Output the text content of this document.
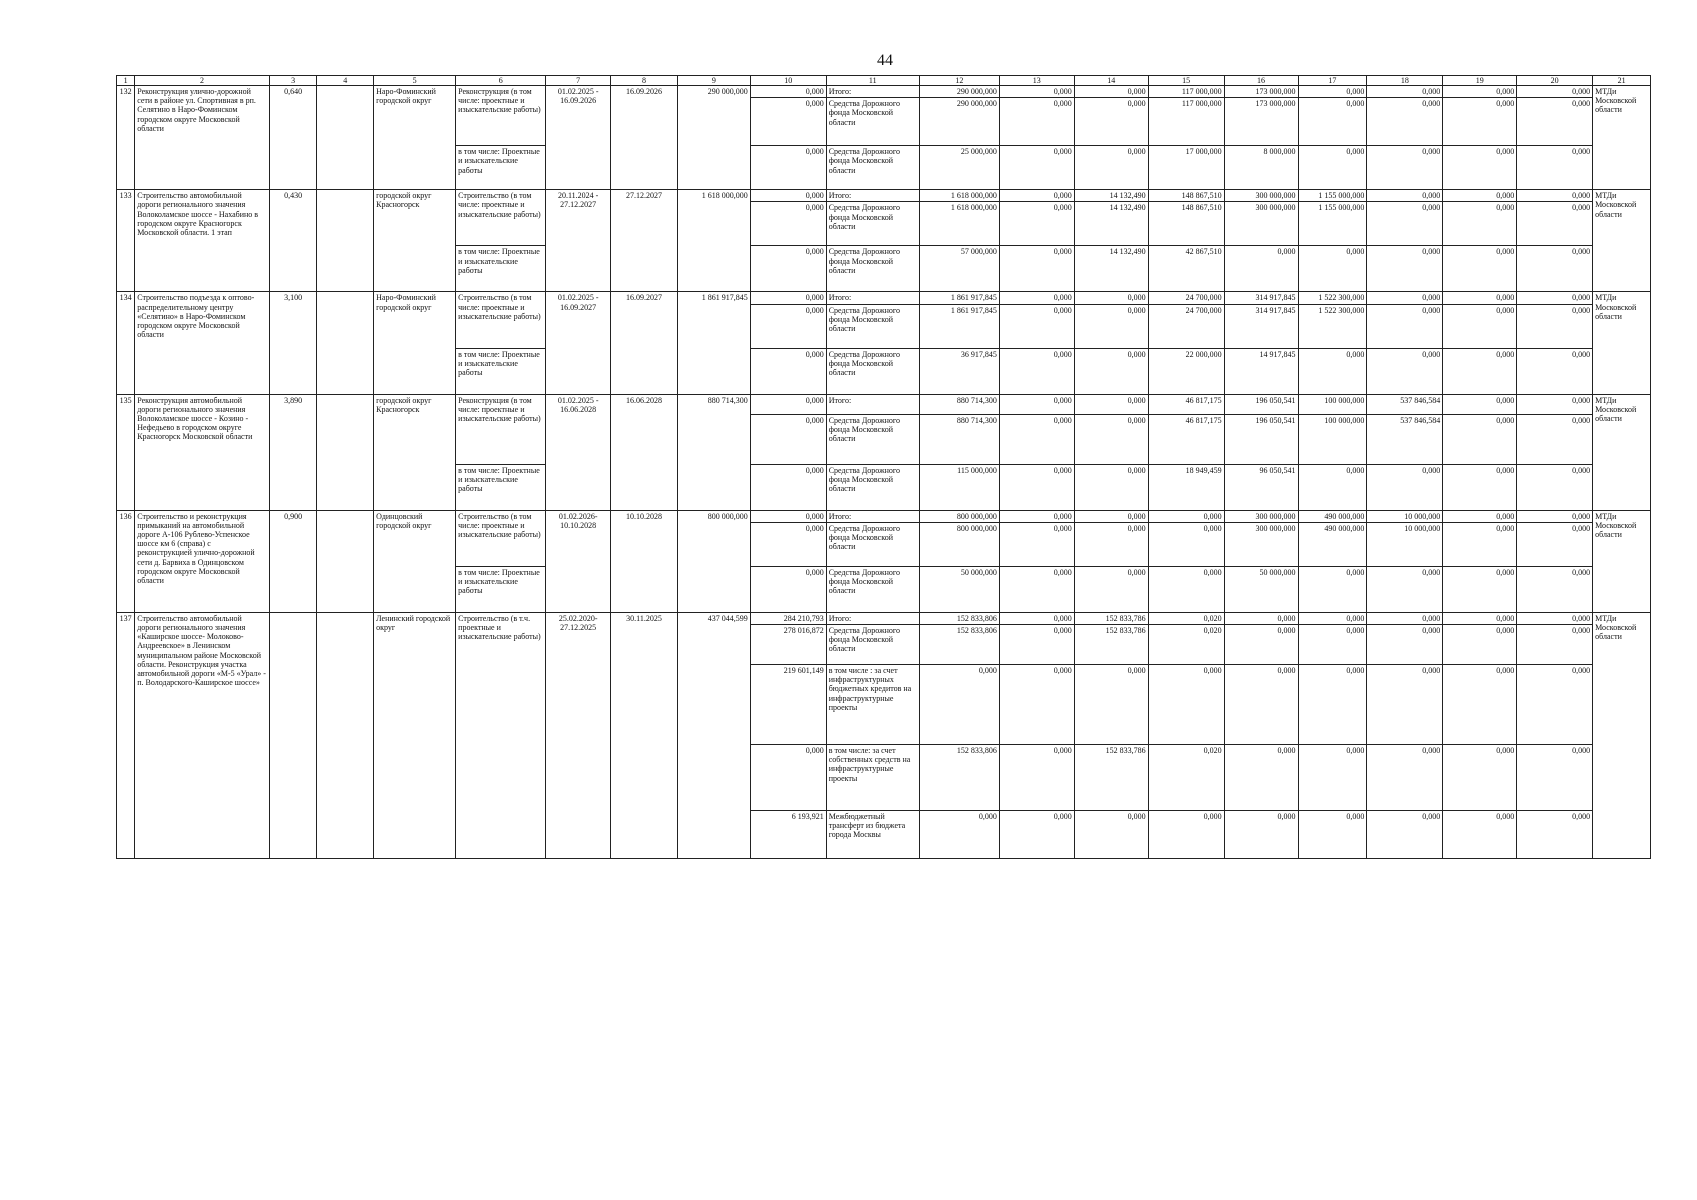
44
1	2	3	4	5	6	7	8	9	10	11	12	13	14	15	16	17	18	19	20	21
132	Реконструкция улично-дорожной сети в районе ул. Спортивная в рп. Селятино в Наро-Фоминском городском округе Московской области	0,640		Наро-Фоминский городской округ	Реконструкция (в том числе: проектные и изыскательские работы)	01.02.2025 - 16.09.2026	16.09.2026	290 000,000	0,000	Итого:	290 000,000	0,000	0,000	117 000,000	173 000,000	0,000	0,000	0,000	0,000	МТДи Московской области
									0,000	Средства Дорожного фонда Московской области	290 000,000	0,000	0,000	117 000,000	173 000,000	0,000	0,000	0,000	0,000	
					в том числе: Проектные и изыскательские работы				0,000	Средства Дорожного фонда Московской области	25 000,000	0,000	0,000	17 000,000	8 000,000	0,000	0,000	0,000	0,000	
133	Строительство автомобильной дороги регионального значения Волоколамское шоссе - Нахабино в городском округе Красногорск Московской области. 1 этап	0,430		городской округ Красногорск	Строительство (в том числе: проектные и изыскательские работы)	20.11.2024 - 27.12.2027	27.12.2027	1 618 000,000	0,000	Итого:	1 618 000,000	0,000	14 132,490	148 867,510	300 000,000	1 155 000,000	0,000	0,000	0,000	МТДи Московской области
									0,000	Средства Дорожного фонда Московской области	1 618 000,000	0,000	14 132,490	148 867,510	300 000,000	1 155 000,000	0,000	0,000	0,000	
					в том числе: Проектные и изыскательские работы				0,000	Средства Дорожного фонда Московской области	57 000,000	0,000	14 132,490	42 867,510	0,000	0,000	0,000	0,000	0,000	
134	Строительство подъезда к оптово-распределительному центру «Селятино» в Наро-Фоминском городском округе Московской области	3,100		Наро-Фоминский городской округ	Строительство (в том числе: проектные и изыскательские работы)	01.02.2025 - 16.09.2027	16.09.2027	1 861 917,845	0,000	Итого:	1 861 917,845	0,000	0,000	24 700,000	314 917,845	1 522 300,000	0,000	0,000	0,000	МТДи Московской области
									0,000	Средства Дорожного фонда Московской области	1 861 917,845	0,000	0,000	24 700,000	314 917,845	1 522 300,000	0,000	0,000	0,000	
					в том числе: Проектные и изыскательские работы				0,000	Средства Дорожного фонда Московской области	36 917,845	0,000	0,000	22 000,000	14 917,845	0,000	0,000	0,000	0,000	
135	Реконструкция автомобильной дороги регионального значения Волоколамское шоссе - Козино - Нефедьево в городском округе Красногорск Московской области	3,890		городской округ Красногорск	Реконструкция (в том числе: проектные и изыскательские работы)	01.02.2025 - 16.06.2028	16.06.2028	880 714,300	0,000	Итого:	880 714,300	0,000	0,000	46 817,175	196 050,541	100 000,000	537 846,584	0,000	0,000	МТДи Московской области
									0,000	Средства Дорожного фонда Московской области	880 714,300	0,000	0,000	46 817,175	196 050,541	100 000,000	537 846,584	0,000	0,000	
					в том числе: Проектные и изыскательские работы				0,000	Средства Дорожного фонда Московской области	115 000,000	0,000	0,000	18 949,459	96 050,541	0,000	0,000	0,000	0,000	
136	Строительство и реконструкция примыканий на автомобильной дороге А-106 Рублево-Успенское шоссе км 6 (справа) с реконструкцией улично-дорожной сети д. Барвиха в Одинцовском городском округе Московской области	0,900		Одинцовский городской округ	Строительство (в том числе: проектные и изыскательские работы)	01.02.2026- 10.10.2028	10.10.2028	800 000,000	0,000	Итого:	800 000,000	0,000	0,000	0,000	300 000,000	490 000,000	10 000,000	0,000	0,000	МТДи Московской области
									0,000	Средства Дорожного фонда Московской области	800 000,000	0,000	0,000	0,000	300 000,000	490 000,000	10 000,000	0,000	0,000	
					в том числе: Проектные и изыскательские работы				0,000	Средства Дорожного фонда Московской области	50 000,000	0,000	0,000	0,000	50 000,000	0,000	0,000	0,000	0,000	
137	Строительство автомобильной дороги регионального значения «Каширское шоссе- Молоково-Андреевское» в Ленинском муниципальном районе Московской области. Реконструкция участка автомобильной дороги «М-5 «Урал» - п. Володарского-Каширское шоссе»			Ленинский городской округ	Строительство (в т.ч. проектные и изыскательские работы)	25.02.2020- 27.12.2025	30.11.2025	437 044,599	284 210,793	Итого:	152 833,806	0,000	152 833,786	0,020	0,000	0,000	0,000	0,000	0,000	МТДи Московской области
									278 016,872	Средства Дорожного фонда Московской области	152 833,806	0,000	152 833,786	0,020	0,000	0,000	0,000	0,000	0,000	
									219 601,149	в том числе : за счет инфраструктурных бюджетных кредитов на инфраструктурные проекты	0,000	0,000	0,000	0,000	0,000	0,000	0,000	0,000	0,000	
									0,000	в том числе: за счет собственных средств на инфраструктурные проекты	152 833,806	0,000	152 833,786	0,020	0,000	0,000	0,000	0,000	0,000	
									6 193,921	Межбюджетный трансферт из бюджета города Москвы	0,000	0,000	0,000	0,000	0,000	0,000	0,000	0,000	0,000	
